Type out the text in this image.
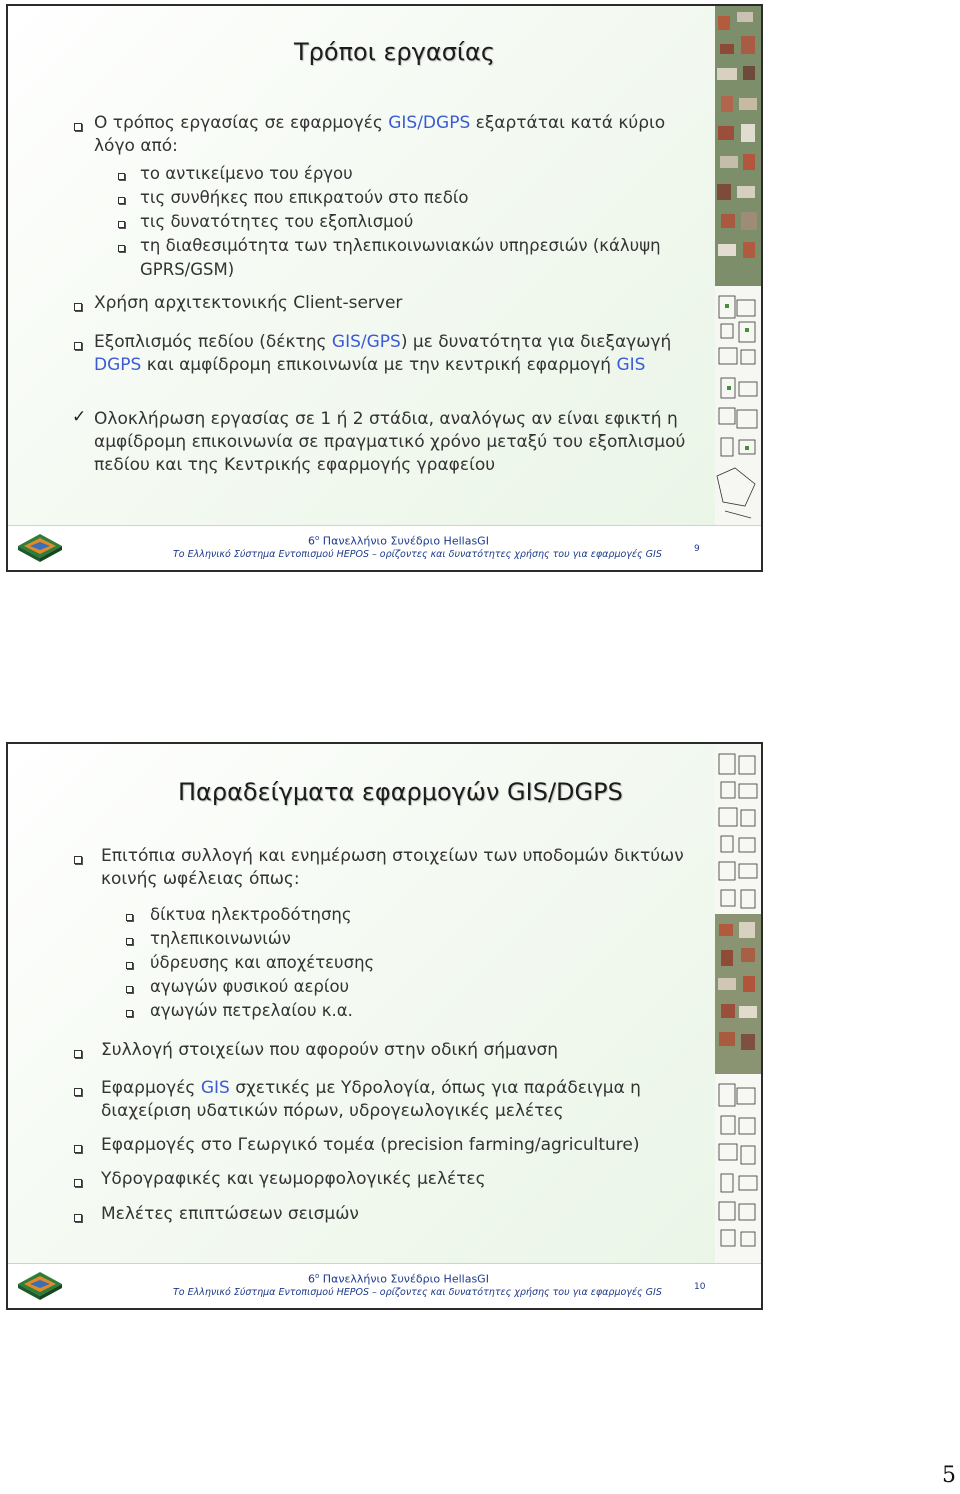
Τρόποι εργασίας
Ο τρόπος εργασίας σε εφαρμογές GIS/DGPS εξαρτάται κατά κύριο
λόγο από:
το αντικείμενο του έργου
τις συνθήκες που επικρατούν στο πεδίο
τις δυνατότητες του εξοπλισμού
τη διαθεσιμότητα των τηλεπικοινωνιακών υπηρεσιών (κάλυψη
GPRS/GSM)
Χρήση αρχιτεκτονικής Client-server
Εξοπλισμός πεδίου (δέκτης GIS/GPS) με δυνατότητα για διεξαγωγή
DGPS και αμφίδρομη επικοινωνία με την κεντρική εφαρμογή GIS
✓ Ολοκλήρωση εργασίας σε 1 ή 2 στάδια, αναλόγως αν είναι εφικτή η
αμφίδρομη επικοινωνία σε πραγματικό χρόνο μεταξύ του εξοπλισμού
πεδίου και της Κεντρικής εφαρμογής γραφείου
$6^o$ Πανελλήνιο Συνέδριο HellasGI
Το Ελληνικό Σύστημα Εντοπισμού HEPOS – ορίζοντες και δυνατότητες χρήσης του για εφαρμογές GIS	9
Παραδείγματα εφαρμογών GIS/DGPS
Επιτόπια συλλογή και ενημέρωση στοιχείων των υποδομών δικτύων
κοινής ωφέλειας όπως:
δίκτυα ηλεκτροδότησης
τηλεπικοινωνιών
ύδρευσης και αποχέτευσης
αγωγών φυσικού αερίου
αγωγών πετρελαίου κ.α.
Συλλογή στοιχείων που αφορούν στην οδική σήμανση
Εφαρμογές GIS σχετικές με Υδρολογία, όπως για παράδειγμα η
διαχείριση υδατικών πόρων, υδρογεωλογικές μελέτες
Εφαρμογές στο Γεωργικό τομέα (precision farming/agriculture)
Υδρογραφικές και γεωμορφολογικές μελέτες
Μελέτες επιπτώσεων σεισμών
$6^o$ Πανελλήνιο Συνέδριο HellasGI
Το Ελληνικό Σύστημα Εντοπισμού HEPOS – ορίζοντες και δυνατότητες χρήσης του για εφαρμογές GIS	10
5
